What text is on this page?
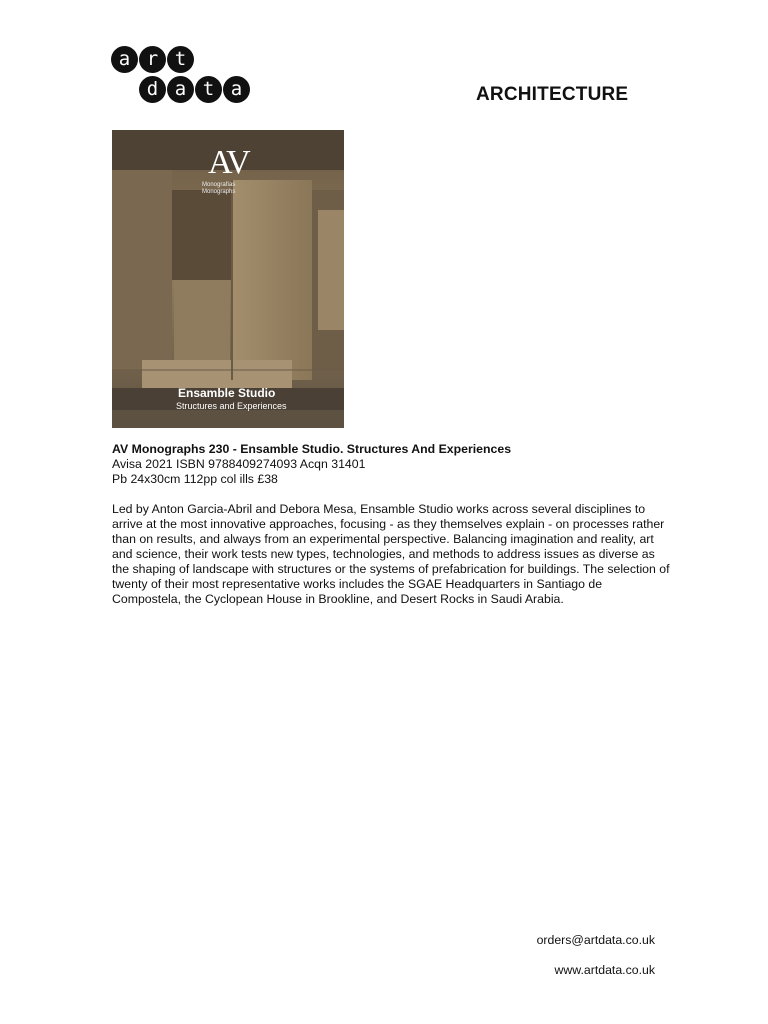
a r t
d a t a	ARCHITECTURE
AV
Monografías Monographs
Ensamble Studio
Structures and Experiences
AV Monographs 230 - Ensamble Studio. Structures And Experiences
Avisa 2021 ISBN 9788409274093 Acqn 31401
Pb 24x30cm 112pp col ills £38
Led by Anton Garcia-Abril and Debora Mesa, Ensamble Studio works across several disciplines to arrive at the most innovative approaches, focusing - as they themselves explain - on processes rather than on results, and always from an experimental perspective. Balancing imagination and reality, art and science, their work tests new types, technologies, and methods to address issues as diverse as the shaping of landscape with structures or the systems of prefabrication for buildings. The selection of twenty of their most representative works includes the SGAE Headquarters in Santiago de Compostela, the Cyclopean House in Brookline, and Desert Rocks in Saudi Arabia.
orders@artdata.co.uk
www.artdata.co.uk
